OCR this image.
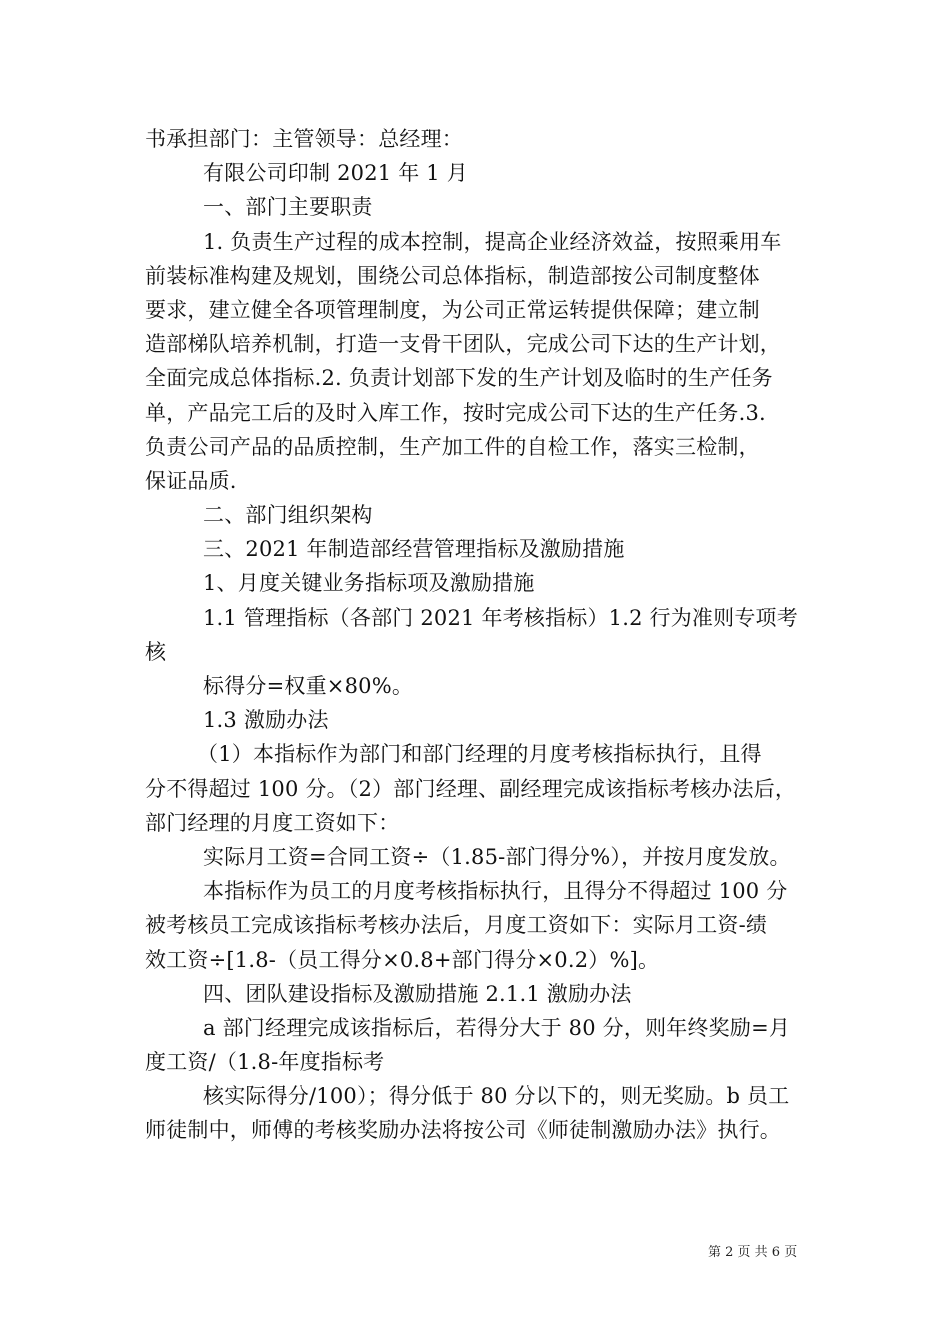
书承担部门：主管领导：总经理：
有限公司印制 2021 年 1 月
一、部门主要职责
1. 负责生产过程的成本控制，提高企业经济效益，按照乘用车
前装标准构建及规划，围绕公司总体指标，制造部按公司制度整体
要求，建立健全各项管理制度，为公司正常运转提供保障；建立制
造部梯队培养机制，打造一支骨干团队，完成公司下达的生产计划，
全面完成总体指标.2. 负责计划部下发的生产计划及临时的生产任务
单，产品完工后的及时入库工作，按时完成公司下达的生产任务.3.
负责公司产品的品质控制，生产加工件的自检工作，落实三检制，
保证品质.
二、部门组织架构
三、2021 年制造部经营管理指标及激励措施
1、月度关键业务指标项及激励措施
1.1 管理指标（各部门 2021 年考核指标）1.2 行为准则专项考
核
标得分=权重×80%。
1.3 激励办法
（1）本指标作为部门和部门经理的月度考核指标执行，且得
分不得超过 100 分。（2）部门经理、副经理完成该指标考核办法后，
部门经理的月度工资如下：
实际月工资=合同工资÷（1.85-部门得分%），并按月度发放。
本指标作为员工的月度考核指标执行，且得分不得超过 100 分
被考核员工完成该指标考核办法后，月度工资如下：实际月工资-绩
效工资÷[1.8-（员工得分×0.8+部门得分×0.2）%]。
四、团队建设指标及激励措施 2.1.1 激励办法
a 部门经理完成该指标后，若得分大于 80 分，则年终奖励=月
度工资/（1.8-年度指标考
核实际得分/100）；得分低于 80 分以下的，则无奖励。b 员工
师徒制中，师傅的考核奖励办法将按公司《师徒制激励办法》执行。
第 2 页 共 6 页
